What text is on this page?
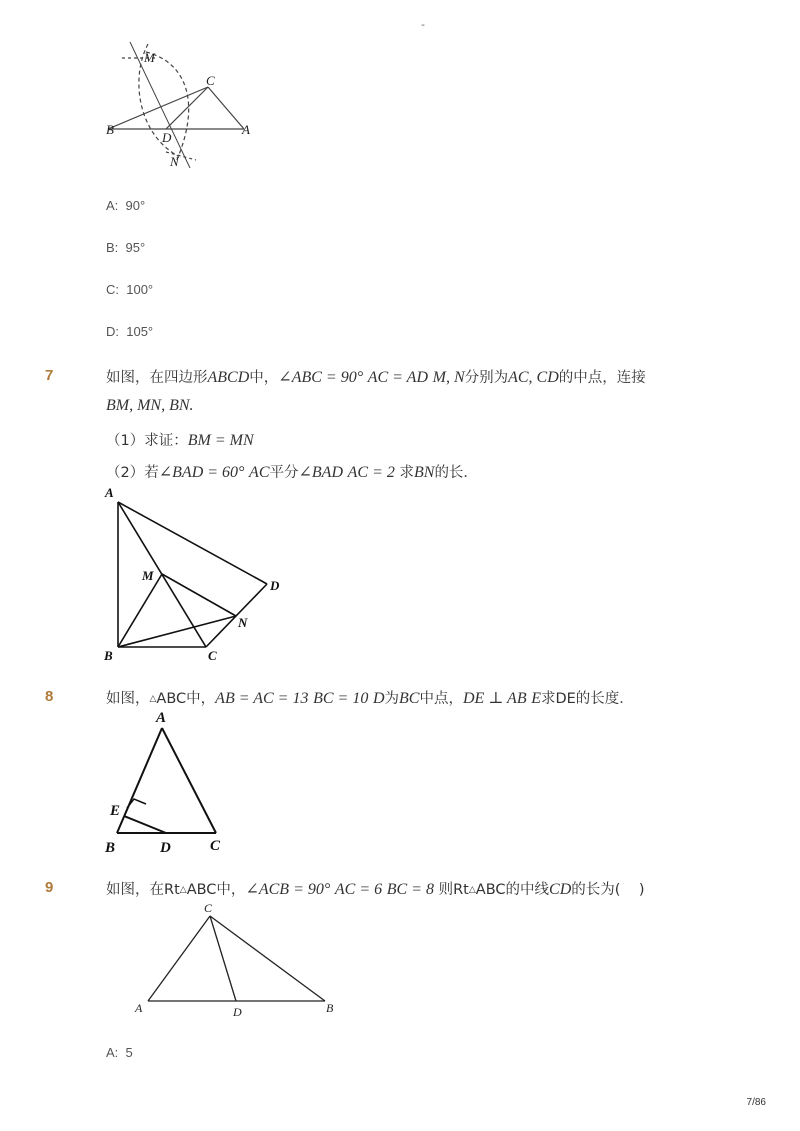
-
M
C
B
D
A
N
A: 90°
B: 95°
C: 100°
D: 105°
7	如图，在四边形ABCD中，∠ABC = 90° AC = AD M, N分别为AC, CD的中点，连接
BM, MN, BN.
（1）求证：BM = MN
（2）若∠BAD = 60° AC平分∠BAD AC = 2 求BN的长．
A
B	C
D
M
N
8	如图，△ABC中，AB = AC = 13 BC = 10 D为BC中点，DE ⊥ AB E求DE的长度．
A
E
B	D	C
9	如图，在Rt△ABC中，∠ACB = 90° AC = 6 BC = 8 则Rt△ABC的中线CD的长为( )
C
A	D	B
A: 5
7/86
